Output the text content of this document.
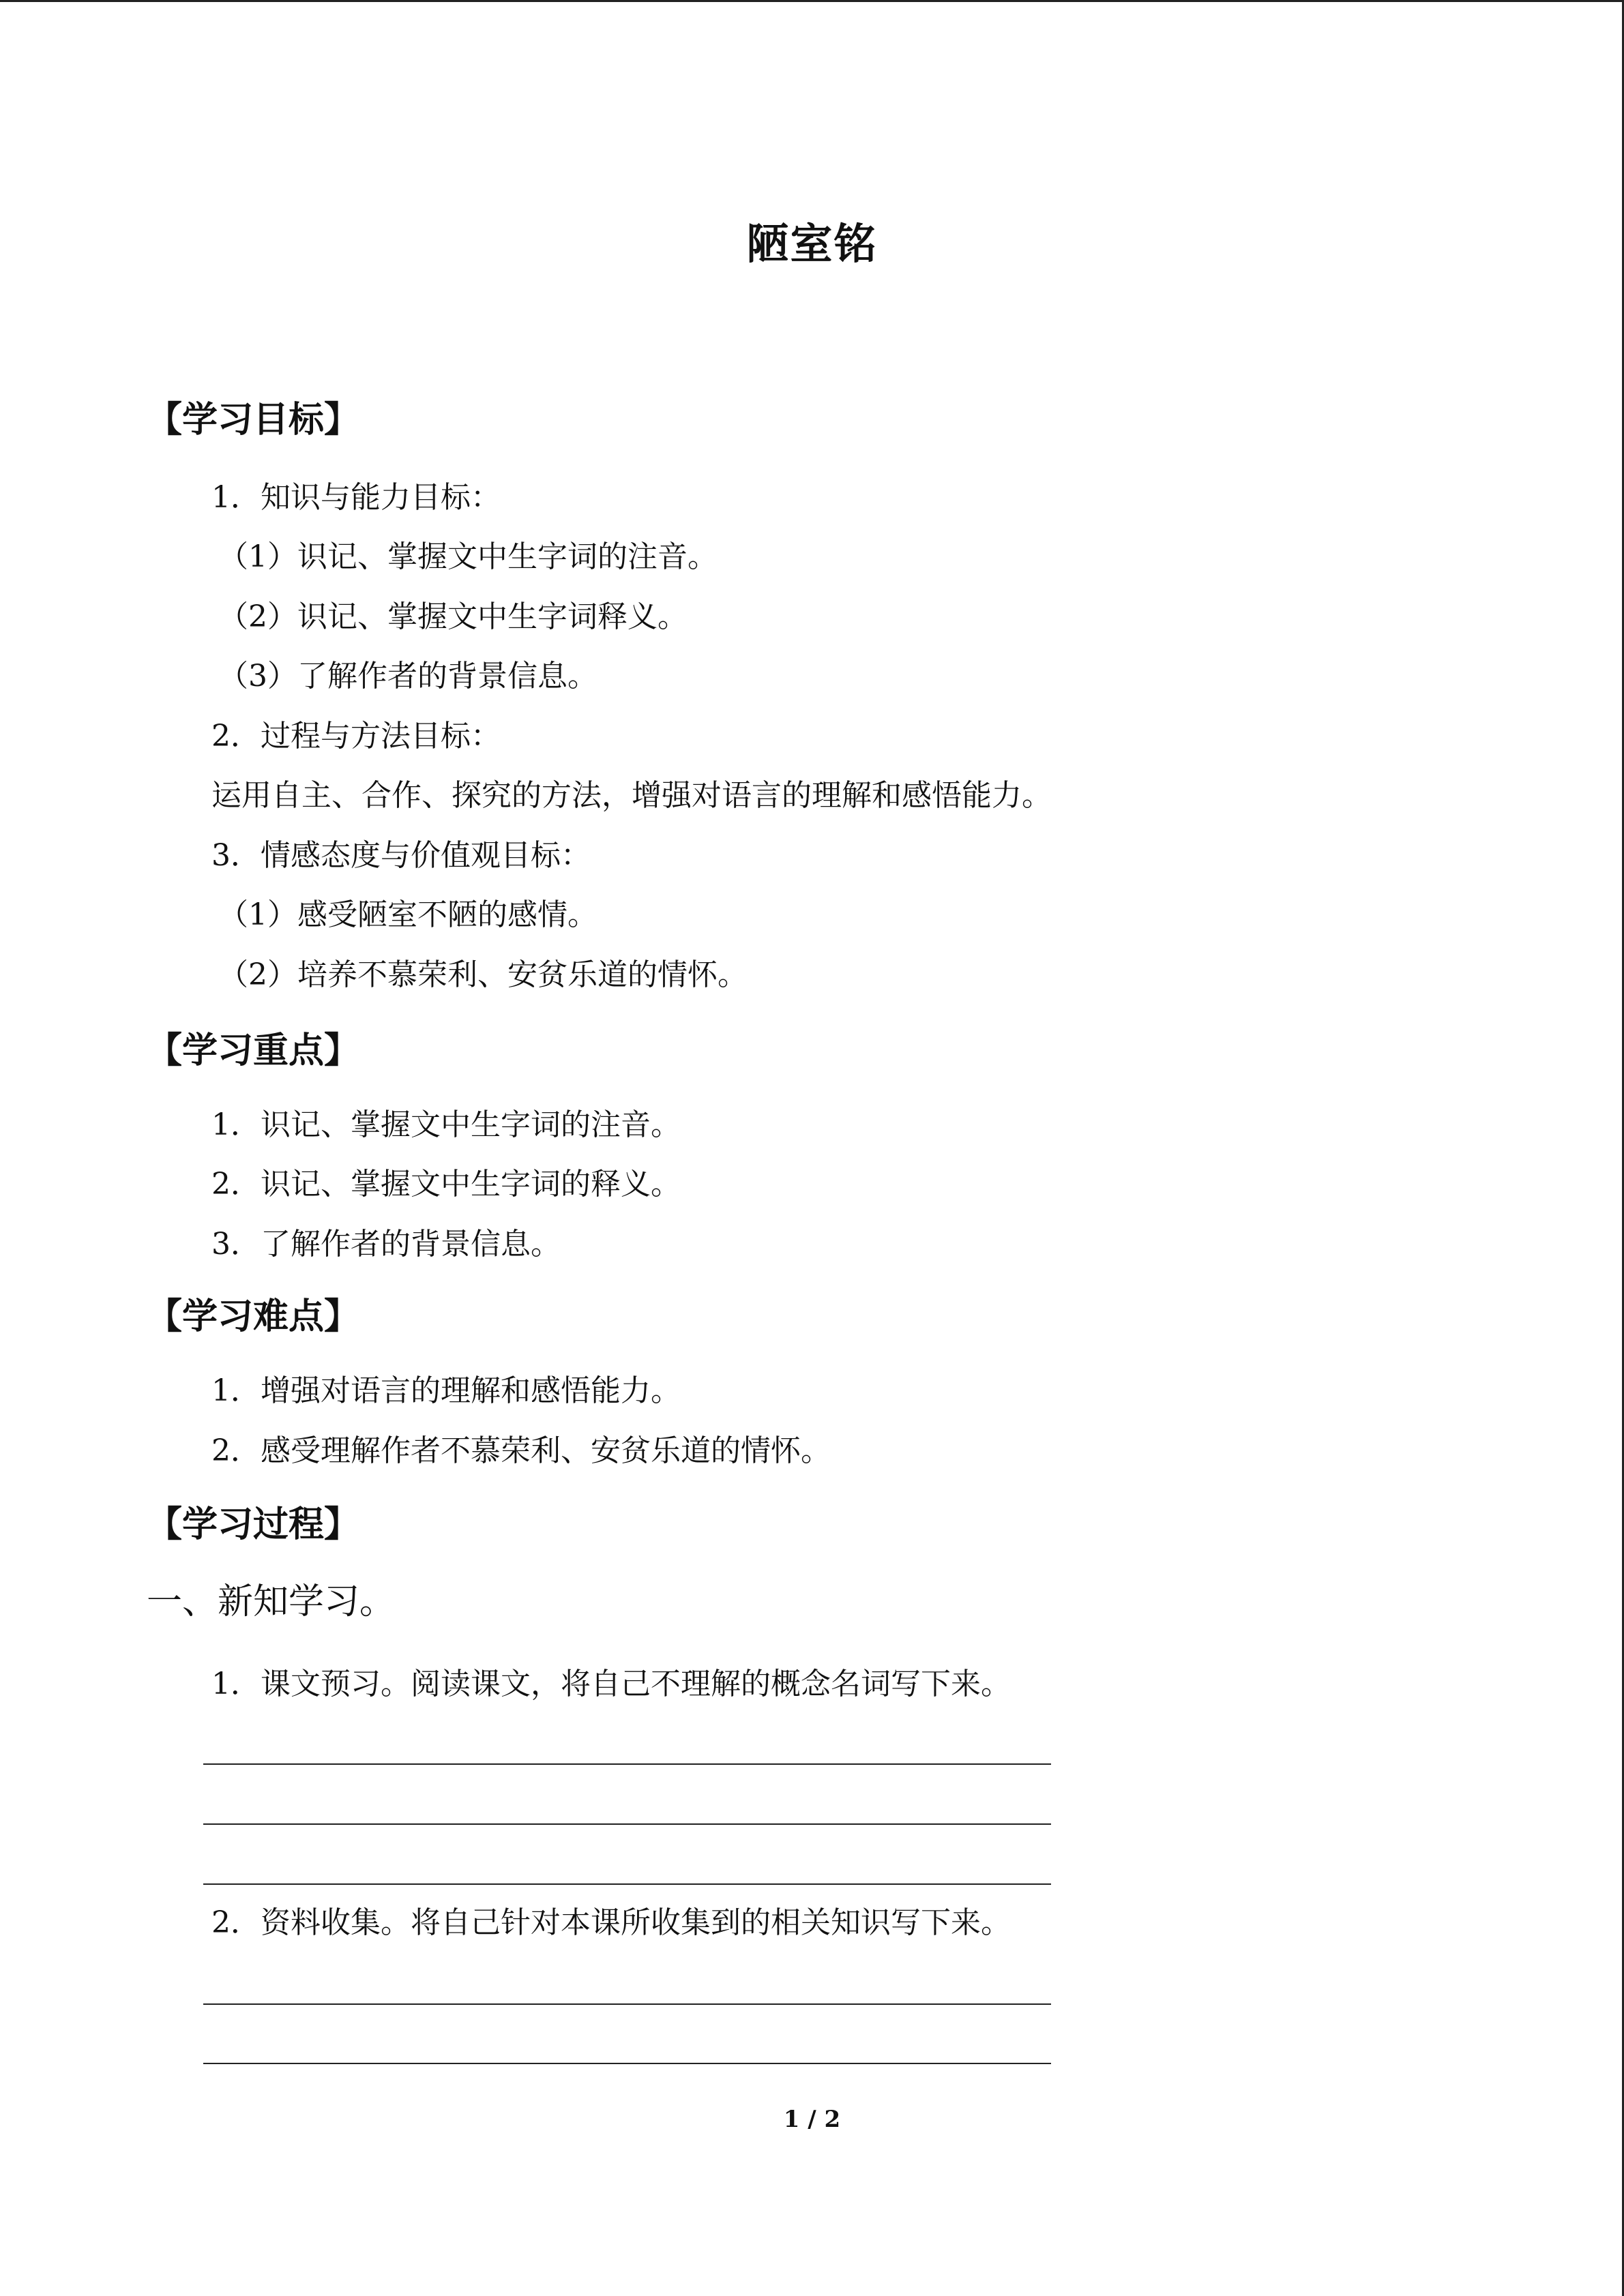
陋室铭
【学习目标】
1．知识与能力目标：
（1）识记、掌握文中生字词的注音。
（2）识记、掌握文中生字词释义。
（3）了解作者的背景信息。
2．过程与方法目标：
运用自主、合作、探究的方法，增强对语言的理解和感悟能力。
3．情感态度与价值观目标：
（1）感受陋室不陋的感情。
（2）培养不慕荣利、安贫乐道的情怀。
【学习重点】
1．识记、掌握文中生字词的注音。
2．识记、掌握文中生字词的释义。
3．了解作者的背景信息。
【学习难点】
1．增强对语言的理解和感悟能力。
2．感受理解作者不慕荣利、安贫乐道的情怀。
【学习过程】
一、新知学习。
1．课文预习。阅读课文，将自己不理解的概念名词写下来。
2．资料收集。将自己针对本课所收集到的相关知识写下来。
1 / 2
